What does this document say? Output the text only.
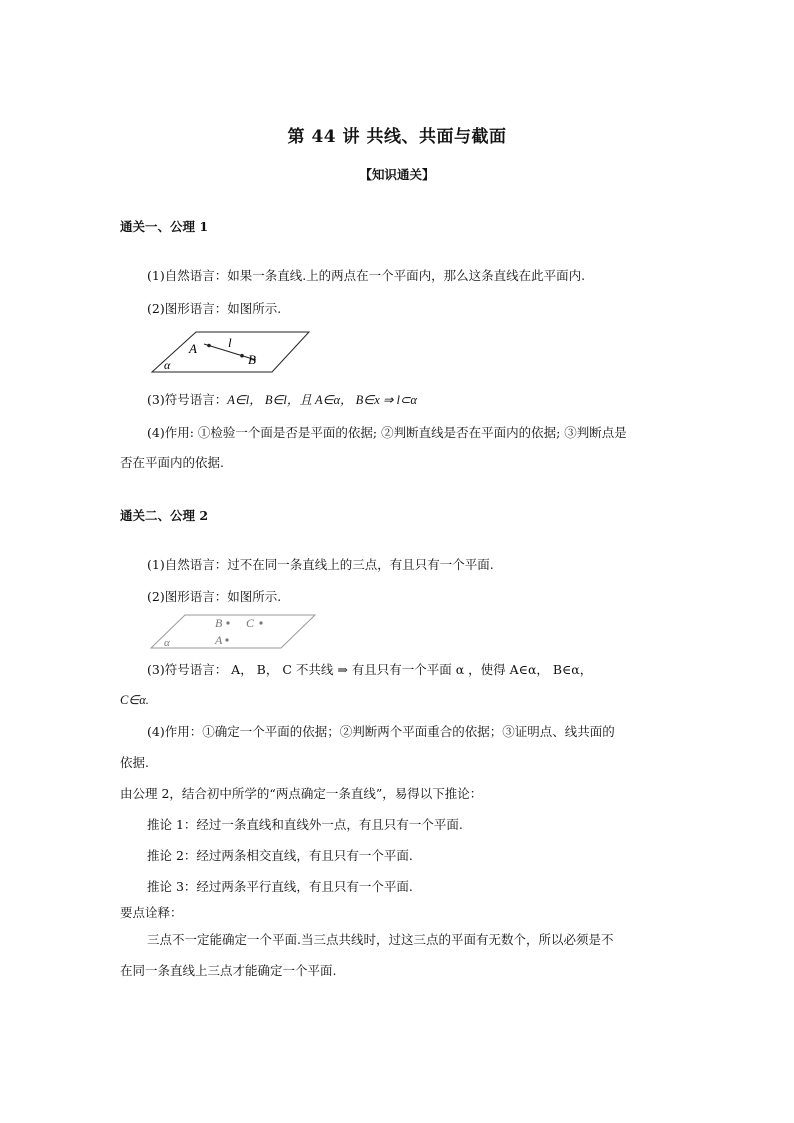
第 44 讲 共线、共面与截面
【知识通关】
通关一、公理 1
(1)自然语言：如果一条直线.上的两点在一个平面内，那么这条直线在此平面内.
(2)图形语言：如图所示.
A l
B
α
(3)符号语言：A∈l， B∈l，且 A∈α， B∈x ⇒ l⊂α
(4)作用: ①检验一个面是否是平面的依据; ②判断直线是否在平面内的依据; ③判断点是
否在平面内的依据.
通关二、公理 2
(1)自然语言：过不在同一条直线上的三点，有且只有一个平面.
(2)图形语言：如图所示.
B C
A
α
(3)符号语言： A， B， C 不共线 ⇒ 有且只有一个平面 α ，使得 A∈α， B∈α，
C∈α.
(4)作用：①确定一个平面的依据；②判断两个平面重合的依据；③证明点、线共面的
依据.
由公理 2，结合初中所学的“两点确定一条直线”，易得以下推论：
推论 1：经过一条直线和直线外一点，有且只有一个平面.
推论 2：经过两条相交直线，有且只有一个平面.
推论 3：经过两条平行直线，有且只有一个平面.
要点诠释：
三点不一定能确定一个平面.当三点共线时，过这三点的平面有无数个，所以必须是不
在同一条直线上三点才能确定一个平面.
